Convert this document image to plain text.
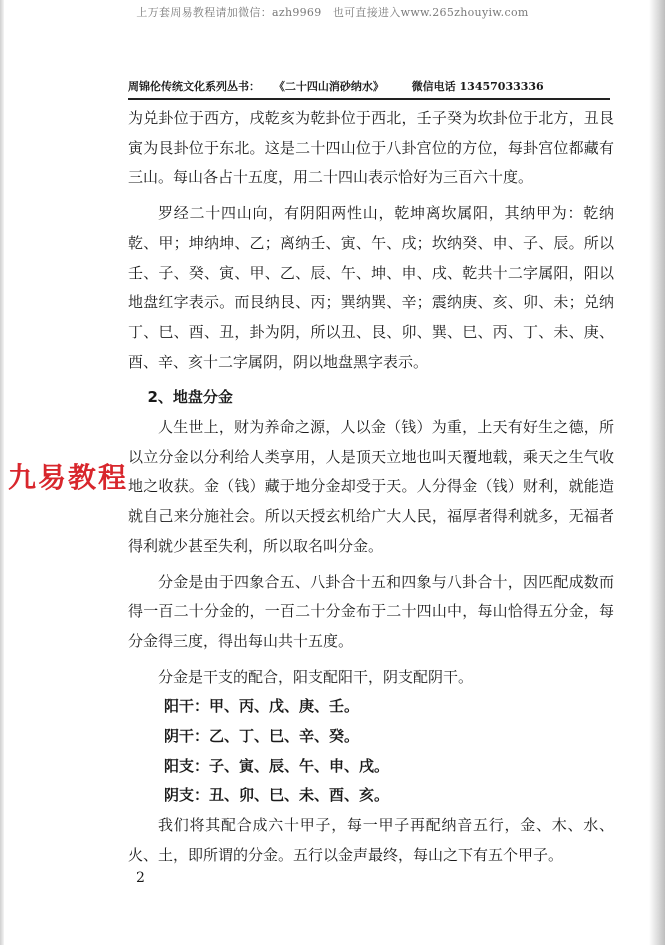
上万套周易教程请加微信：azh9969　也可直接进入www.265zhouyiw.com
周锦伦传统文化系列丛书： 《二十四山消砂纳水》	微信电话 13457033336

为兑卦位于西方，戌乾亥为乾卦位于西北，壬子癸为坎卦位于北方，丑艮寅为艮卦位于东北。这是二十四山位于八卦宫位的方位，每卦宫位都藏有三山。每山各占十五度，用二十四山表示恰好为三百六十度。

罗经二十四山向，有阴阳两性山，乾坤离坎属阳，其纳甲为：乾纳乾、甲；坤纳坤、乙；离纳壬、寅、午、戌；坎纳癸、申、子、辰。所以壬、子、癸、寅、甲、乙、辰、午、坤、申、戌、乾共十二字属阳，阳以地盘红字表示。而艮纳艮、丙；巽纳巽、辛；震纳庚、亥、卯、未；兑纳丁、巳、酉、丑，卦为阴，所以丑、艮、卯、巽、巳、丙、丁、未、庚、酉、辛、亥十二字属阴，阴以地盘黑字表示。

2、地盘分金

人生世上，财为养命之源，人以金（钱）为重，上天有好生之德，所以立分金以分利给人类享用，人是顶天立地也叫天覆地载，乘天之生气收地之收获。金（钱）藏于地分金却受于天。人分得金（钱）财利，就能造就自己来分施社会。所以天授玄机给广大人民，福厚者得利就多，无福者得利就少甚至失利，所以取名叫分金。

分金是由于四象合五、八卦合十五和四象与八卦合十，因匹配成数而得一百二十分金的，一百二十分金布于二十四山中，每山恰得五分金，每分金得三度，得出每山共十五度。

分金是干支的配合，阳支配阳干，阴支配阴干。

阳干：甲、丙、戊、庚、壬。

阴干：乙、丁、巳、辛、癸。

阳支：子、寅、辰、午、申、戌。

阴支：丑、卯、巳、未、酉、亥。

我们将其配合成六十甲子，每一甲子再配纳音五行，金、木、水、火、土，即所谓的分金。五行以金声最终，每山之下有五个甲子。

九易教程
2
